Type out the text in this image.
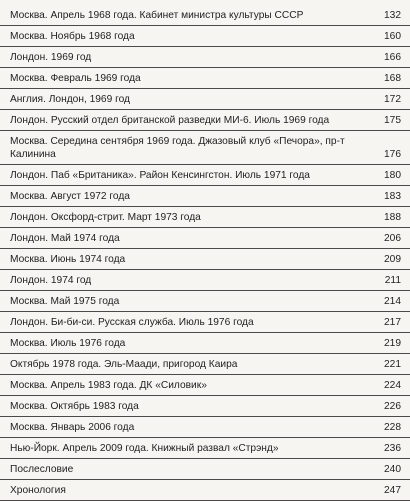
Москва. Апрель 1968 года. Кабинет министра культуры СССР	132
Москва. Ноябрь 1968 года	160
Лондон. 1969 год	166
Москва. Февраль 1969 года	168
Англия. Лондон, 1969 год	172
Лондон. Русский отдел британской разведки МИ-6. Июль 1969 года	175
Москва. Середина сентября 1969 года. Джазовый клуб «Печора», пр-т Калинина	176
Лондон. Паб «Британика». Район Кенсингстон. Июль 1971 года	180
Москва. Август 1972 года	183
Лондон. Оксфорд-стрит. Март 1973 года	188
Лондон. Май 1974 года	206
Москва. Июнь 1974 года	209
Лондон. 1974 год	211
Москва. Май 1975 года	214
Лондон. Би-би-си. Русская служба. Июль 1976 года	217
Москва. Июль 1976 года	219
Октябрь 1978 года. Эль-Маади, пригород Каира	221
Москва. Апрель 1983 года. ДК «Силовик»	224
Москва. Октябрь 1983 года	226
Москва. Январь 2006 года	228
Нью-Йорк. Апрель 2009 года. Книжный развал «Стрэнд»	236
Послесловие	240
Хронология	247
